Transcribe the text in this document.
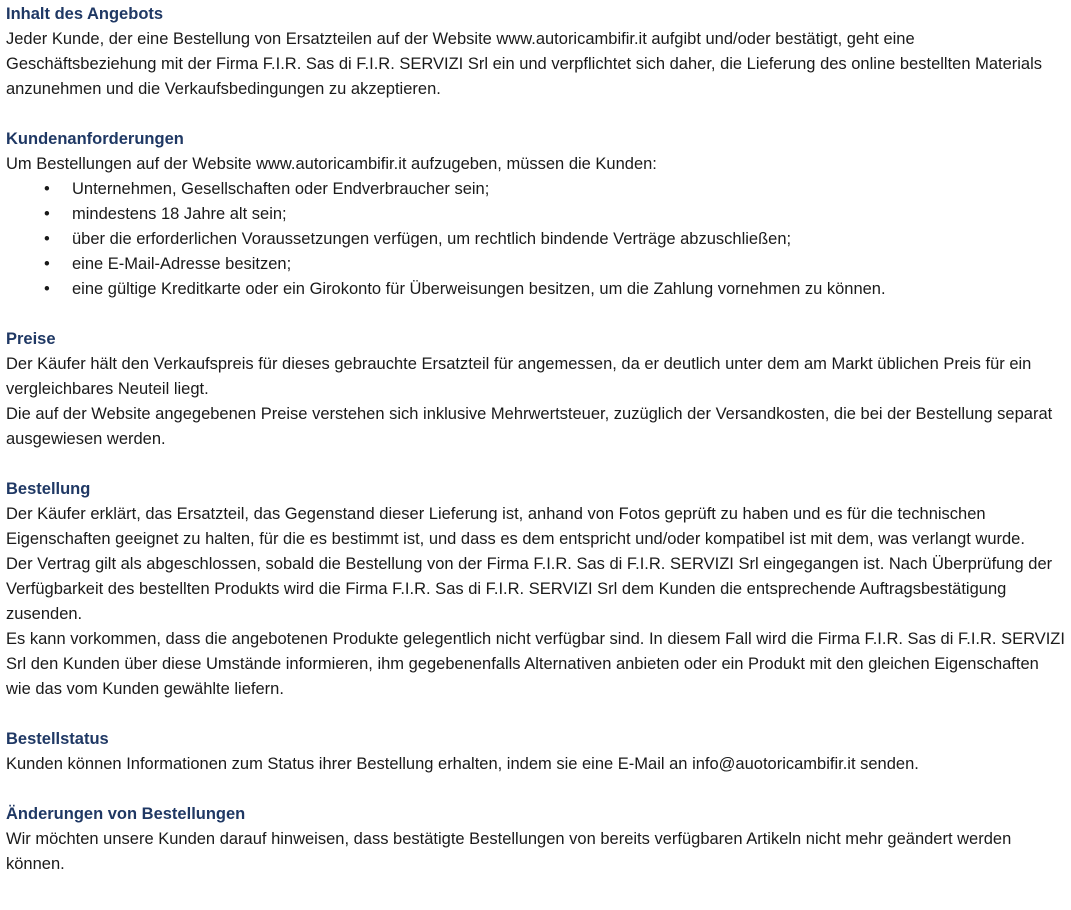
Inhalt des Angebots

Jeder Kunde, der eine Bestellung von Ersatzteilen auf der Website www.autoricambifir.it aufgibt und/oder bestätigt, geht eine Geschäftsbeziehung mit der Firma F.I.R. Sas di F.I.R. SERVIZI Srl ein und verpflichtet sich daher, die Lieferung des online bestellten Materials anzunehmen und die Verkaufsbedingungen zu akzeptieren.

Kundenanforderungen

Um Bestellungen auf der Website www.autoricambifir.it aufzugeben, müssen die Kunden:

• Unternehmen, Gesellschaften oder Endverbraucher sein;
• mindestens 18 Jahre alt sein;
• über die erforderlichen Voraussetzungen verfügen, um rechtlich bindende Verträge abzuschließen;
• eine E-Mail-Adresse besitzen;
• eine gültige Kreditkarte oder ein Girokonto für Überweisungen besitzen, um die Zahlung vornehmen zu können.
Preise

Der Käufer hält den Verkaufspreis für dieses gebrauchte Ersatzteil für angemessen, da er deutlich unter dem am Markt üblichen Preis für ein vergleichbares Neuteil liegt.

Die auf der Website angegebenen Preise verstehen sich inklusive Mehrwertsteuer, zuzüglich der Versandkosten, die bei der Bestellung separat ausgewiesen werden.

Bestellung

Der Käufer erklärt, das Ersatzteil, das Gegenstand dieser Lieferung ist, anhand von Fotos geprüft zu haben und es für die technischen Eigenschaften geeignet zu halten, für die es bestimmt ist, und dass es dem entspricht und/oder kompatibel ist mit dem, was verlangt wurde.

Der Vertrag gilt als abgeschlossen, sobald die Bestellung von der Firma F.I.R. Sas di F.I.R. SERVIZI Srl eingegangen ist. Nach Überprüfung der Verfügbarkeit des bestellten Produkts wird die Firma F.I.R. Sas di F.I.R. SERVIZI Srl dem Kunden die entsprechende Auftragsbestätigung zusenden.

Es kann vorkommen, dass die angebotenen Produkte gelegentlich nicht verfügbar sind. In diesem Fall wird die Firma F.I.R. Sas di F.I.R. SERVIZI Srl den Kunden über diese Umstände informieren, ihm gegebenenfalls Alternativen anbieten oder ein Produkt mit den gleichen Eigenschaften wie das vom Kunden gewählte liefern.

Bestellstatus

Kunden können Informationen zum Status ihrer Bestellung erhalten, indem sie eine E-Mail an info@auotoricambifir.it senden.

Änderungen von Bestellungen

Wir möchten unsere Kunden darauf hinweisen, dass bestätigte Bestellungen von bereits verfügbaren Artikeln nicht mehr geändert werden können.
